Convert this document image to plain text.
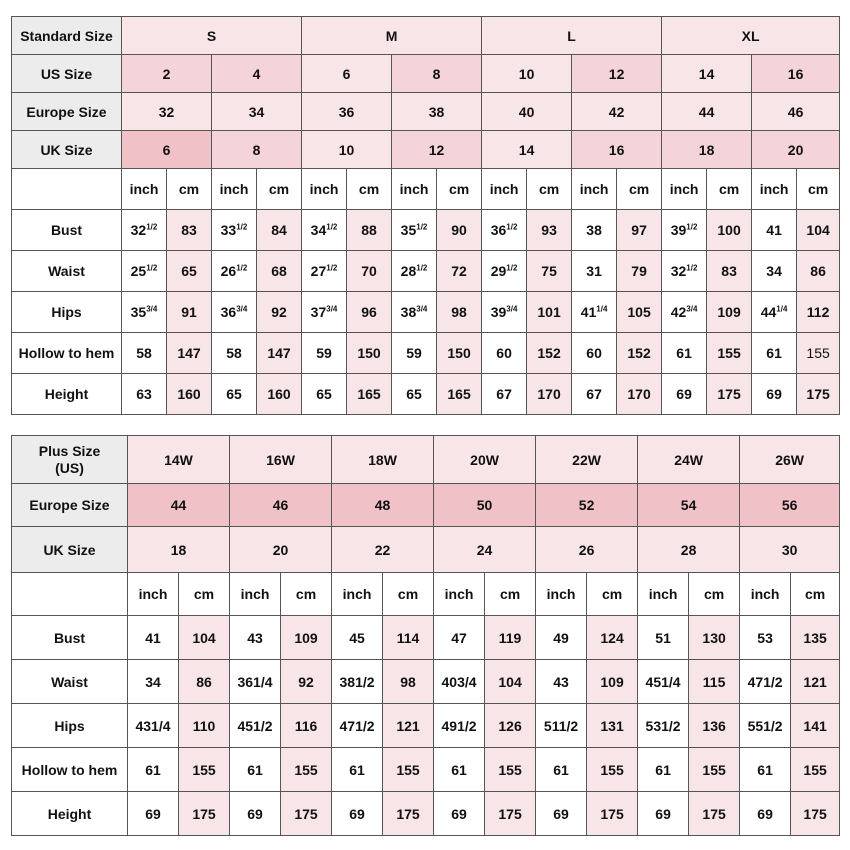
Standard Size	S				M				L				XL			
US Size	2		4		6		8		10		12		14		16	
Europe Size	32		34		36		38		40		42		44		46	
UK Size	6		8		10		12		14		16		18		20	
	inch	cm	inch	cm	inch	cm	inch	cm	inch	cm	inch	cm	inch	cm	inch	cm
Bust	$32^{1/2}$	83	$33^{1/2}$	84	$34^{1/2}$	88	$35^{1/2}$	90	$36^{1/2}$	93	38	97	$39^{1/2}$	100	41	104
Waist	$25^{1/2}$	65	$26^{1/2}$	68	$27^{1/2}$	70	$28^{1/2}$	72	$29^{1/2}$	75	31	79	$32^{1/2}$	83	34	86
Hips	$35^{3/4}$	91	$36^{3/4}$	92	$37^{3/4}$	96	$38^{3/4}$	98	$39^{3/4}$	101	$41^{1/4}$	105	$42^{3/4}$	109	$44^{1/4}$	112
Hollow to hem	58	147	58	147	59	150	59	150	60	152	60	152	61	155	61	155
Height	63	160	65	160	65	165	65	165	67	170	67	170	69	175	69	175
Plus Size
(US)	14W		16W		18W		20W		22W		24W		26W	
Europe Size	44		46		48		50		52		54		56	
UK Size	18		20		22		24		26		28		30	
	inch	cm	inch	cm	inch	cm	inch	cm	inch	cm	inch	cm	inch	cm
Bust	41	104	43	109	45	114	47	119	49	124	51	130	53	135
Waist	34	86	361/4	92	381/2	98	403/4	104	43	109	451/4	115	471/2	121
Hips	431/4	110	451/2	116	471/2	121	491/2	126	511/2	131	531/2	136	551/2	141
Hollow to hem	61	155	61	155	61	155	61	155	61	155	61	155	61	155
Height	69	175	69	175	69	175	69	175	69	175	69	175	69	175
